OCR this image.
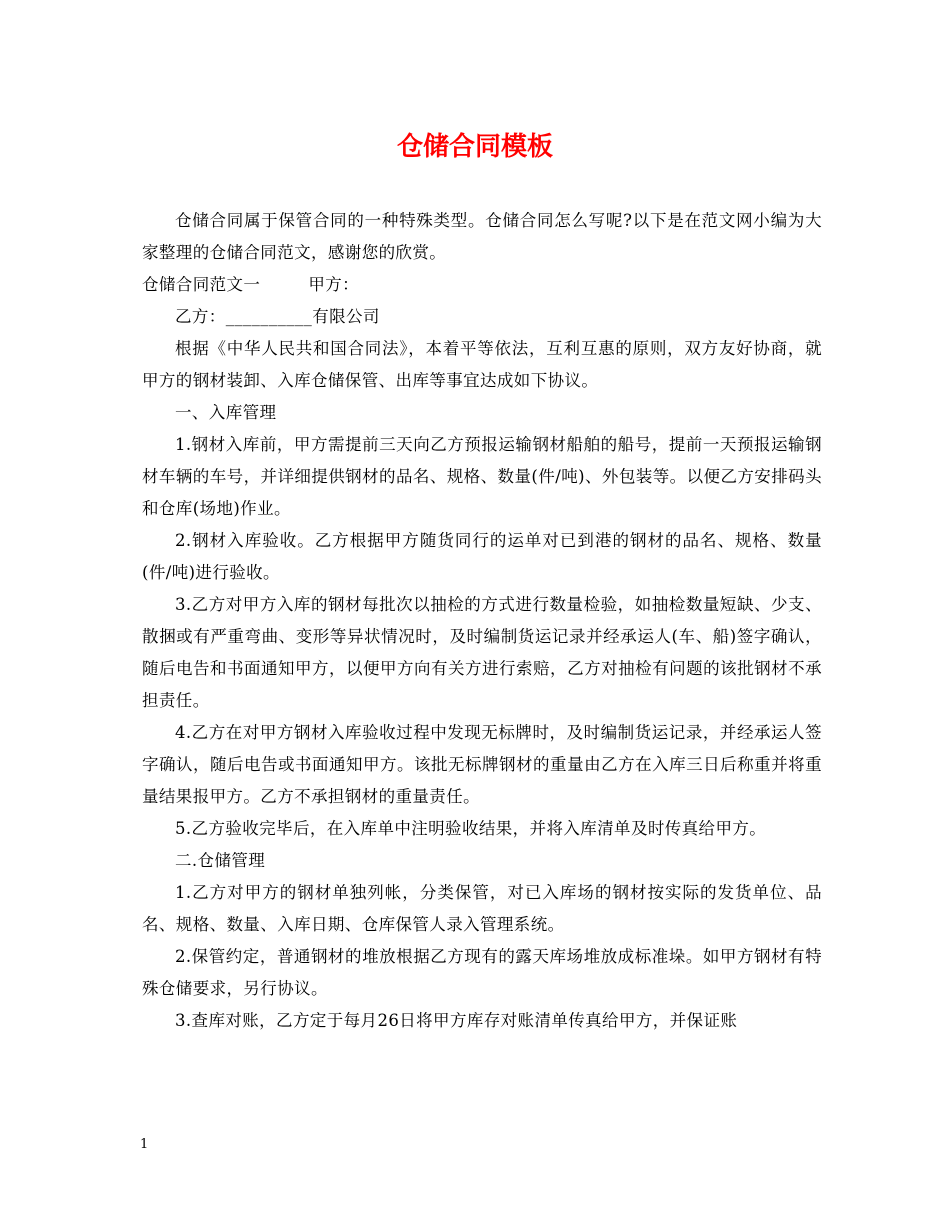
仓储合同模板

仓储合同属于保管合同的一种特殊类型。仓储合同怎么写呢?以下是在范文网小编为大家整理的仓储合同范文，感谢您的欣赏。

仓储合同范文一	甲方：

乙方：__________有限公司

根据《中华人民共和国合同法》，本着平等依法，互利互惠的原则，双方友好协商，就甲方的钢材装卸、入库仓储保管、出库等事宜达成如下协议。

一、入库管理

1.钢材入库前，甲方需提前三天向乙方预报运输钢材船舶的船号，提前一天预报运输钢材车辆的车号，并详细提供钢材的品名、规格、数量(件/吨)、外包装等。以便乙方安排码头和仓库(场地)作业。

2.钢材入库验收。乙方根据甲方随货同行的运单对已到港的钢材的品名、规格、数量(件/吨)进行验收。

3.乙方对甲方入库的钢材每批次以抽检的方式进行数量检验，如抽检数量短缺、少支、散捆或有严重弯曲、变形等异状情况时，及时编制货运记录并经承运人(车、船)签字确认，随后电告和书面通知甲方，以便甲方向有关方进行索赔，乙方对抽检有问题的该批钢材不承担责任。

4.乙方在对甲方钢材入库验收过程中发现无标牌时，及时编制货运记录，并经承运人签字确认，随后电告或书面通知甲方。该批无标牌钢材的重量由乙方在入库三日后称重并将重量结果报甲方。乙方不承担钢材的重量责任。

5.乙方验收完毕后，在入库单中注明验收结果，并将入库清单及时传真给甲方。

二.仓储管理

1.乙方对甲方的钢材单独列帐，分类保管，对已入库场的钢材按实际的发货单位、品名、规格、数量、入库日期、仓库保管人录入管理系统。

2.保管约定，普通钢材的堆放根据乙方现有的露天库场堆放成标准垛。如甲方钢材有特殊仓储要求，另行协议。

3.查库对账，乙方定于每月26日将甲方库存对账清单传真给甲方，并保证账

1
